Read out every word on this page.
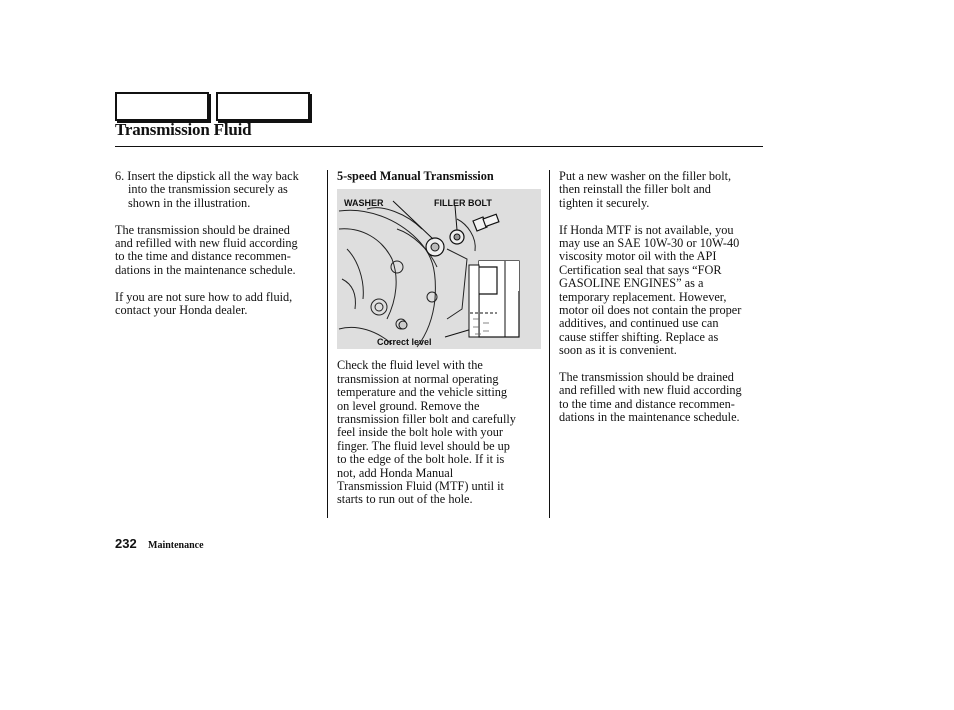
Transmission Fluid

6. Insert the dipstick all the way back
into the transmission securely as
shown in the illustration.

The transmission should be drained
and refilled with new fluid according
to the time and distance recommen-
dations in the maintenance schedule.

If you are not sure how to add fluid,
contact your Honda dealer.

5-speed Manual Transmission

WASHER	FILLER BOLT
Correct level

Check the fluid level with the
transmission at normal operating
temperature and the vehicle sitting
on level ground. Remove the
transmission filler bolt and carefully
feel inside the bolt hole with your
finger. The fluid level should be up
to the edge of the bolt hole. If it is
not, add Honda Manual
Transmission Fluid (MTF) until it
starts to run out of the hole.

Put a new washer on the filler bolt,
then reinstall the filler bolt and
tighten it securely.

If Honda MTF is not available, you
may use an SAE 10W-30 or 10W-40
viscosity motor oil with the API
Certification seal that says “FOR
GASOLINE ENGINES” as a
temporary replacement. However,
motor oil does not contain the proper
additives, and continued use can
cause stiffer shifting. Replace as
soon as it is convenient.

The transmission should be drained
and refilled with new fluid according
to the time and distance recommen-
dations in the maintenance schedule.

232 Maintenance
